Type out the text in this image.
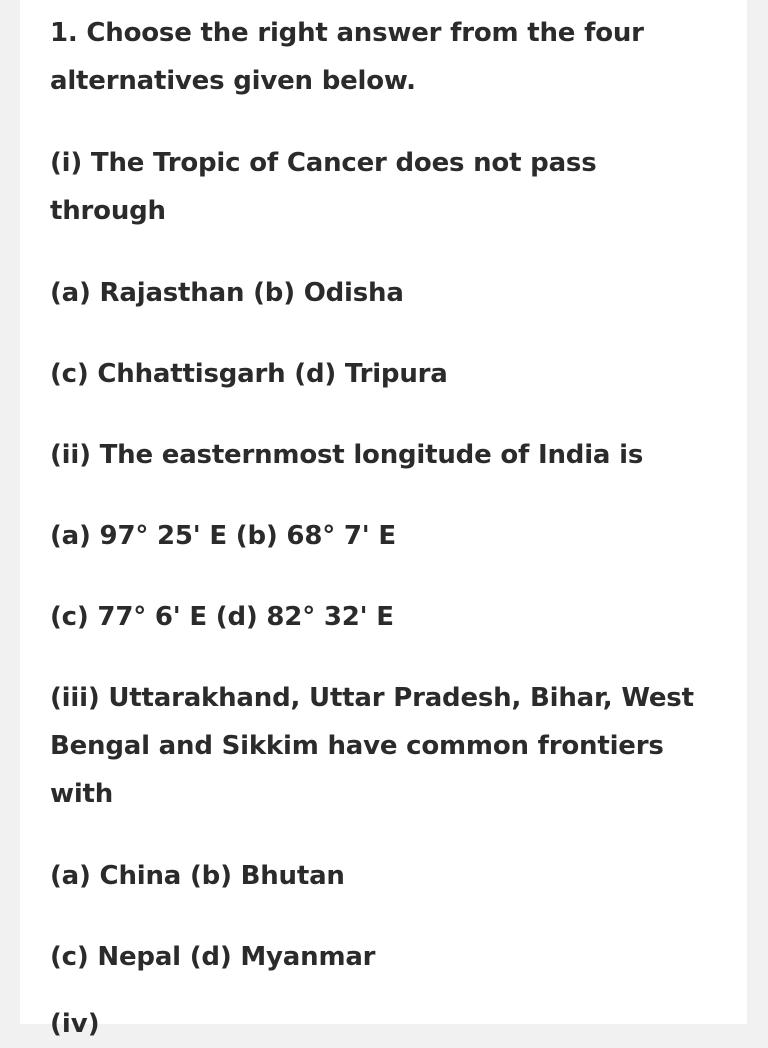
1. Choose the right answer from the four
alternatives given below.

(i) The Tropic of Cancer does not pass
through

(a) Rajasthan (b) Odisha

(c) Chhattisgarh (d) Tripura

(ii) The easternmost longitude of India is

(a) 97° 25' E (b) 68° 7' E

(c) 77° 6' E (d) 82° 32' E

(iii) Uttarakhand, Uttar Pradesh, Bihar, West
Bengal and Sikkim have common frontiers
with

(a) China (b) Bhutan

(c) Nepal (d) Myanmar

(iv)
